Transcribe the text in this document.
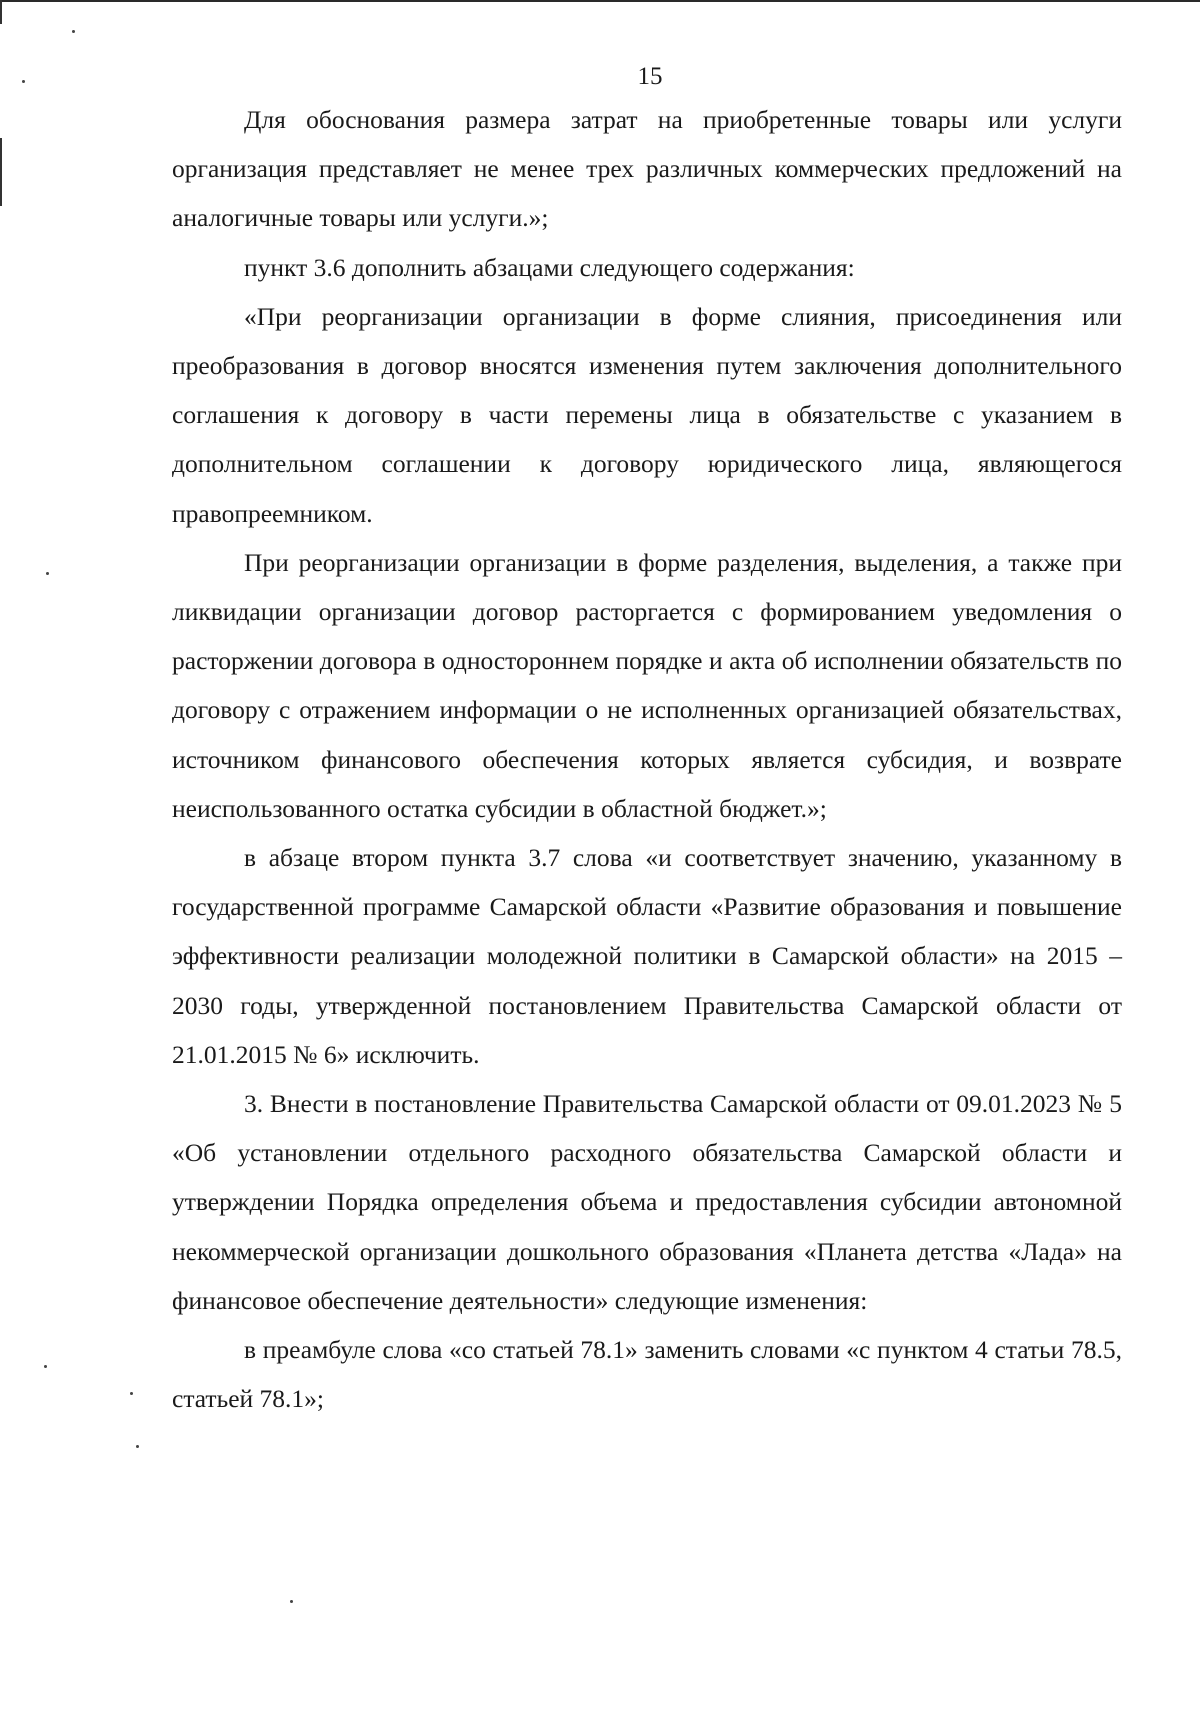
15

Для обоснования размера затрат на приобретенные товары или услуги организация представляет не менее трех различных коммерческих предложений на аналогичные товары или услуги.»;

пункт 3.6 дополнить абзацами следующего содержания:

«При реорганизации организации в форме слияния, присоединения или преобразования в договор вносятся изменения путем заключения дополнительного соглашения к договору в части перемены лица в обязательстве с указанием в дополнительном соглашении к договору юридического лица, являющегося правопреемником.

При реорганизации организации в форме разделения, выделения, а также при ликвидации организации договор расторгается с формированием уведомления о расторжении договора в одностороннем порядке и акта об исполнении обязательств по договору с отражением информации о не исполненных организацией обязательствах, источником финансового обеспечения которых является субсидия, и возврате неиспользованного остатка субсидии в областной бюджет.»;

в абзаце втором пункта 3.7 слова «и соответствует значению, указанному в государственной программе Самарской области «Развитие образования и повышение эффективности реализации молодежной политики в Самарской области» на 2015 – 2030 годы, утвержденной постановлением Правительства Самарской области от 21.01.2015 № 6» исключить.

3. Внести в постановление Правительства Самарской области от 09.01.2023 № 5 «Об установлении отдельного расходного обязательства Самарской области и утверждении Порядка определения объема и предоставления субсидии автономной некоммерческой организации дошкольного образования «Планета детства «Лада» на финансовое обеспечение деятельности» следующие изменения:

в преамбуле слова «со статьей 78.1» заменить словами «с пунктом 4 статьи 78.5, статьей 78.1»;
